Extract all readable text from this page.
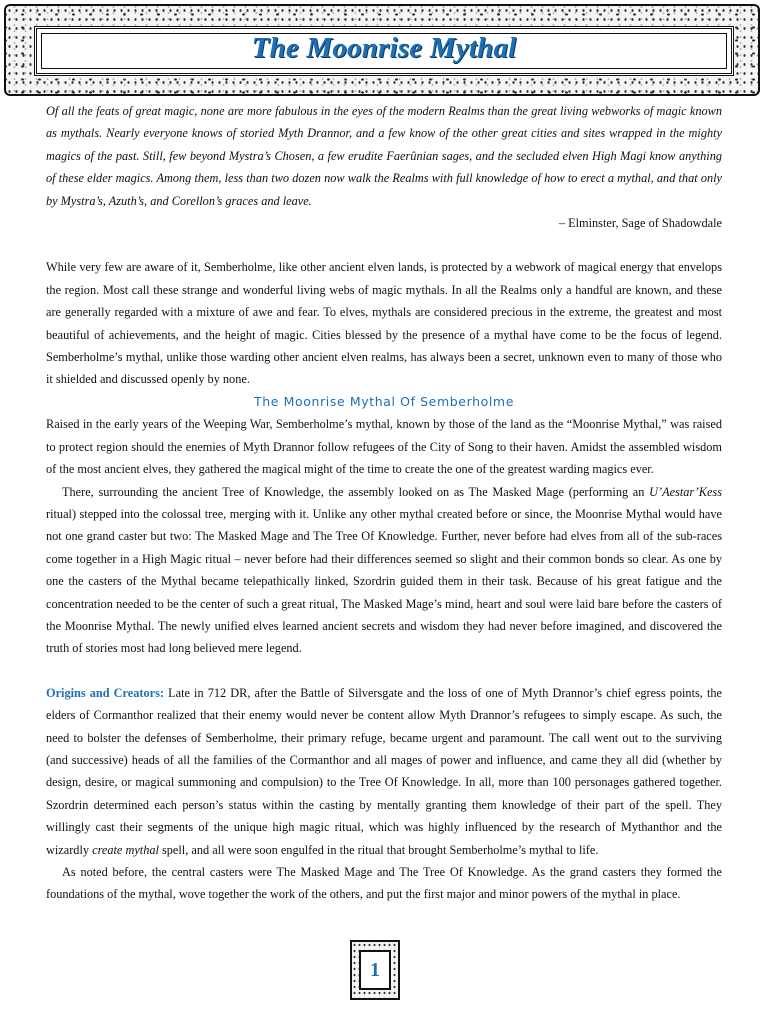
The Moonrise Mythal

Of all the feats of great magic, none are more fabulous in the eyes of the modern Realms than the great living webworks of magic known as mythals. Nearly everyone knows of storied Myth Drannor, and a few know of the other great cities and sites wrapped in the mighty magics of the past. Still, few beyond Mystra’s Chosen, a few erudite Faerûnian sages, and the secluded elven High Magi know anything of these elder magics. Among them, less than two dozen now walk the Realms with full knowledge of how to erect a mythal, and that only by Mystra’s, Azuth’s, and Corellon’s graces and leave.

– Elminster, Sage of Shadowdale

While very few are aware of it, Semberholme, like other ancient elven lands, is protected by a webwork of magical energy that envelops the region. Most call these strange and wonderful living webs of magic mythals. In all the Realms only a handful are known, and these are generally regarded with a mixture of awe and fear. To elves, mythals are considered precious in the extreme, the greatest and most beautiful of achievements, and the height of magic. Cities blessed by the presence of a mythal have come to be the focus of legend. Semberholme’s mythal, unlike those warding other ancient elven realms, has always been a secret, unknown even to many of those who it shielded and discussed openly by none.

The Moonrise Mythal Of Semberholme

Raised in the early years of the Weeping War, Semberholme’s mythal, known by those of the land as the “Moonrise Mythal,” was raised to protect region should the enemies of Myth Drannor follow refugees of the City of Song to their haven. Amidst the assembled wisdom of the most ancient elves, they gathered the magical might of the time to create the one of the greatest warding magics ever.

There, surrounding the ancient Tree of Knowledge, the assembly looked on as The Masked Mage (performing an U’Aestar’Kess ritual) stepped into the colossal tree, merging with it. Unlike any other mythal created before or since, the Moonrise Mythal would have not one grand caster but two: The Masked Mage and The Tree Of Knowledge. Further, never before had elves from all of the sub-races come together in a High Magic ritual – never before had their differences seemed so slight and their common bonds so clear. As one by one the casters of the Mythal became telepathically linked, Szordrin guided them in their task. Because of his great fatigue and the concentration needed to be the center of such a great ritual, The Masked Mage’s mind, heart and soul were laid bare before the casters of the Moonrise Mythal. The newly unified elves learned ancient secrets and wisdom they had never before imagined, and discovered the truth of stories most had long believed mere legend.

Origins and Creators: Late in 712 DR, after the Battle of Silversgate and the loss of one of Myth Drannor’s chief egress points, the elders of Cormanthor realized that their enemy would never be content allow Myth Drannor’s refugees to simply escape. As such, the need to bolster the defenses of Semberholme, their primary refuge, became urgent and paramount. The call went out to the surviving (and successive) heads of all the families of the Cormanthor and all mages of power and influence, and came they all did (whether by design, desire, or magical summoning and compulsion) to the Tree Of Knowledge. In all, more than 100 personages gathered together. Szordrin determined each person’s status within the casting by mentally granting them knowledge of their part of the spell. They willingly cast their segments of the unique high magic ritual, which was highly influenced by the research of Mythanthor and the wizardly create mythal spell, and all were soon engulfed in the ritual that brought Semberholme’s mythal to life.

As noted before, the central casters were The Masked Mage and The Tree Of Knowledge. As the grand casters they formed the foundations of the mythal, wove together the work of the others, and put the first major and minor powers of the mythal in place.

1
